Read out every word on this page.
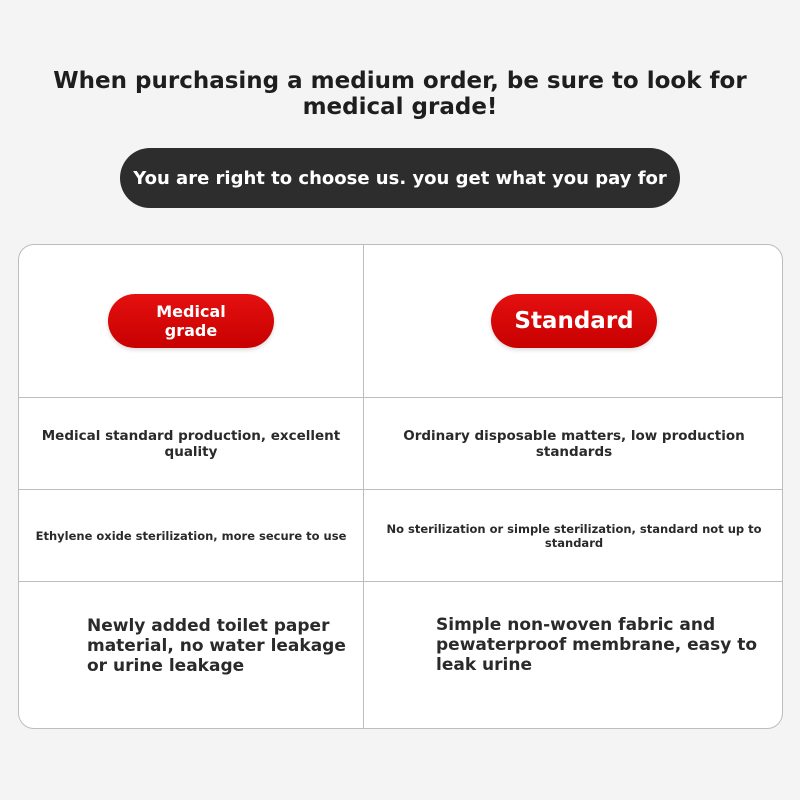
When purchasing a medium order, be sure to look for medical grade!
You are right to choose us. you get what you pay for
Medical grade	Standard
Medical standard production, excellent quality
Ordinary disposable matters, low production standards
Ethylene oxide sterilization, more secure to use	No sterilization or simple sterilization, standard not up to standard
Newly added toilet paper material, no water leakage or urine leakage
Simple non-woven fabric and pewaterproof membrane, easy to leak urine
